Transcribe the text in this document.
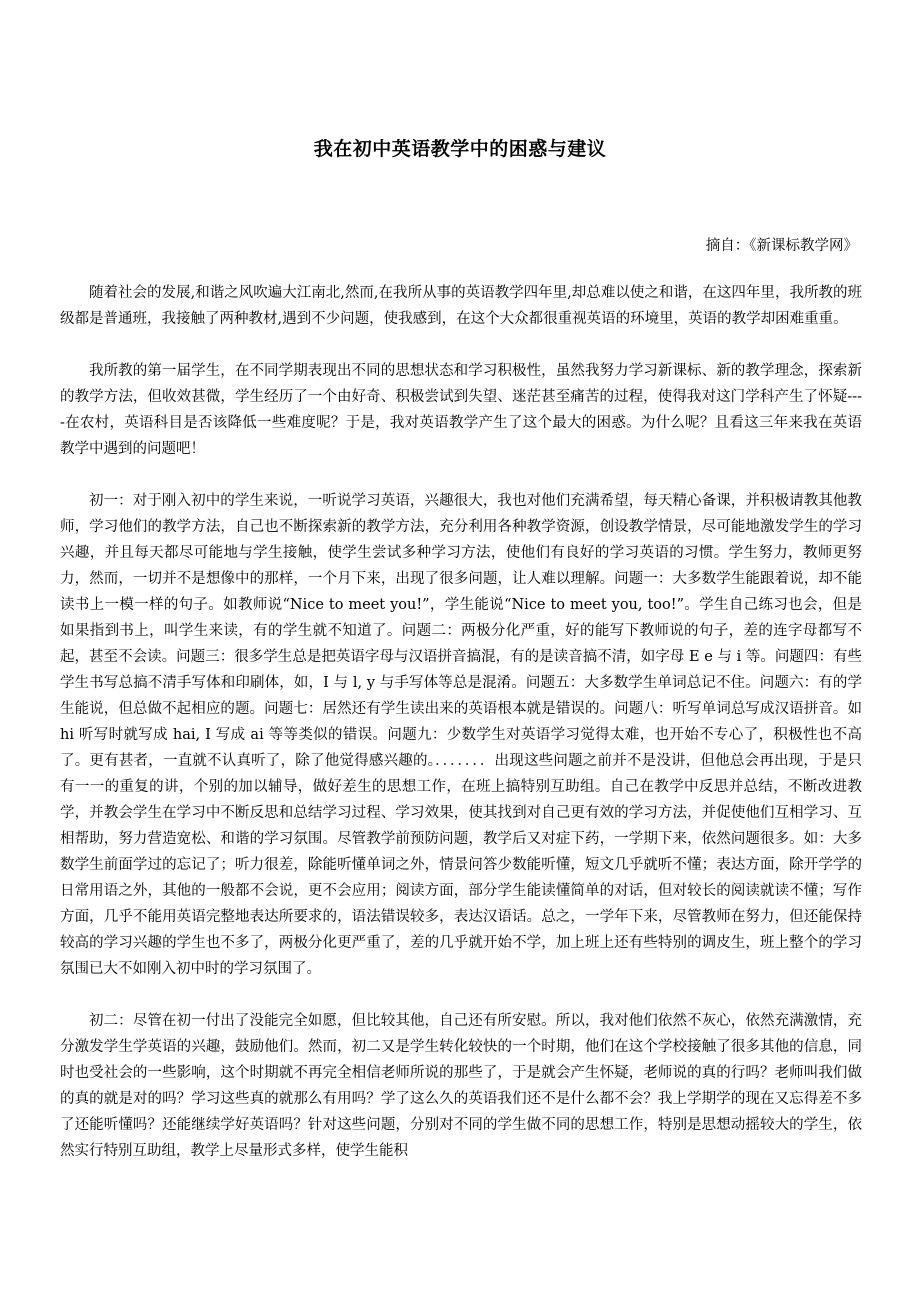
我在初中英语教学中的困惑与建议
摘自：《新课标教学网》

随着社会的发展,和谐之风吹遍大江南北,然而,在我所从事的英语教学四年里,却总难以使之和谐，在这四年里，我所教的班级都是普通班，我接触了两种教材,遇到不少问题，使我感到，在这个大众都很重视英语的环境里，英语的教学却困难重重。

我所教的第一届学生，在不同学期表现出不同的思想状态和学习积极性，虽然我努力学习新课标、新的教学理念，探索新的教学方法，但收效甚微，学生经历了一个由好奇、积极尝试到失望、迷茫甚至痛苦的过程，使得我对这门学科产生了怀疑----在农村，英语科目是否该降低一些难度呢？于是，我对英语教学产生了这个最大的困惑。为什么呢？且看这三年来我在英语教学中遇到的问题吧！

初一：对于刚入初中的学生来说，一听说学习英语，兴趣很大，我也对他们充满希望，每天精心备课，并积极请教其他教师，学习他们的教学方法，自己也不断探索新的教学方法，充分利用各种教学资源，创设教学情景，尽可能地激发学生的学习兴趣，并且每天都尽可能地与学生接触，使学生尝试多种学习方法，使他们有良好的学习英语的习惯。学生努力，教师更努力，然而，一切并不是想像中的那样，一个月下来，出现了很多问题，让人难以理解。问题一：大多数学生能跟着说，却不能读书上一模一样的句子。如教师说“Nice to meet you!”，学生能说“Nice to meet you, too!”。学生自己练习也会，但是如果指到书上，叫学生来读，有的学生就不知道了。问题二：两极分化严重，好的能写下教师说的句子，差的连字母都写不起，甚至不会读。问题三：很多学生总是把英语字母与汉语拼音搞混，有的是读音搞不清，如字母 E e 与 i 等。问题四：有些学生书写总搞不清手写体和印刷体，如，I 与 l, y 与手写体等总是混淆。问题五：大多数学生单词总记不住。问题六：有的学生能说，但总做不起相应的题。问题七：居然还有学生读出来的英语根本就是错误的。问题八：听写单词总写成汉语拼音。如 hi 听写时就写成 hai, I 写成 ai 等等类似的错误。问题九：少数学生对英语学习觉得太难，也开始不专心了，积极性也不高了。更有甚者，一直就不认真听了，除了他觉得感兴趣的。．．．．．．．出现这些问题之前并不是没讲，但他总会再出现，于是只有一一的重复的讲，个别的加以辅导，做好差生的思想工作，在班上搞特别互助组。自己在教学中反思并总结，不断改进教学，并教会学生在学习中不断反思和总结学习过程、学习效果，使其找到对自己更有效的学习方法，并促使他们互相学习、互相帮助，努力营造宽松、和谐的学习氛围。尽管教学前预防问题，教学后又对症下药，一学期下来，依然问题很多。如：大多数学生前面学过的忘记了；听力很差，除能听懂单词之外，情景问答少数能听懂，短文几乎就听不懂；表达方面，除开学学的日常用语之外，其他的一般都不会说，更不会应用；阅读方面，部分学生能读懂简单的对话，但对较长的阅读就读不懂；写作方面，几乎不能用英语完整地表达所要求的，语法错误较多，表达汉语话。总之，一学年下来，尽管教师在努力，但还能保持较高的学习兴趣的学生也不多了，两极分化更严重了，差的几乎就开始不学，加上班上还有些特别的调皮生，班上整个的学习氛围已大不如刚入初中时的学习氛围了。

初二：尽管在初一付出了没能完全如愿，但比较其他，自己还有所安慰。所以，我对他们依然不灰心，依然充满激情，充分激发学生学英语的兴趣，鼓励他们。然而，初二又是学生转化较快的一个时期，他们在这个学校接触了很多其他的信息，同时也受社会的一些影响，这个时期就不再完全相信老师所说的那些了，于是就会产生怀疑，老师说的真的行吗？老师叫我们做的真的就是对的吗？学习这些真的就那么有用吗？学了这么久的英语我们还不是什么都不会？我上学期学的现在又忘得差不多了还能听懂吗？还能继续学好英语吗？针对这些问题，分别对不同的学生做不同的思想工作，特别是思想动摇较大的学生，依然实行特别互助组，教学上尽量形式多样，使学生能积
